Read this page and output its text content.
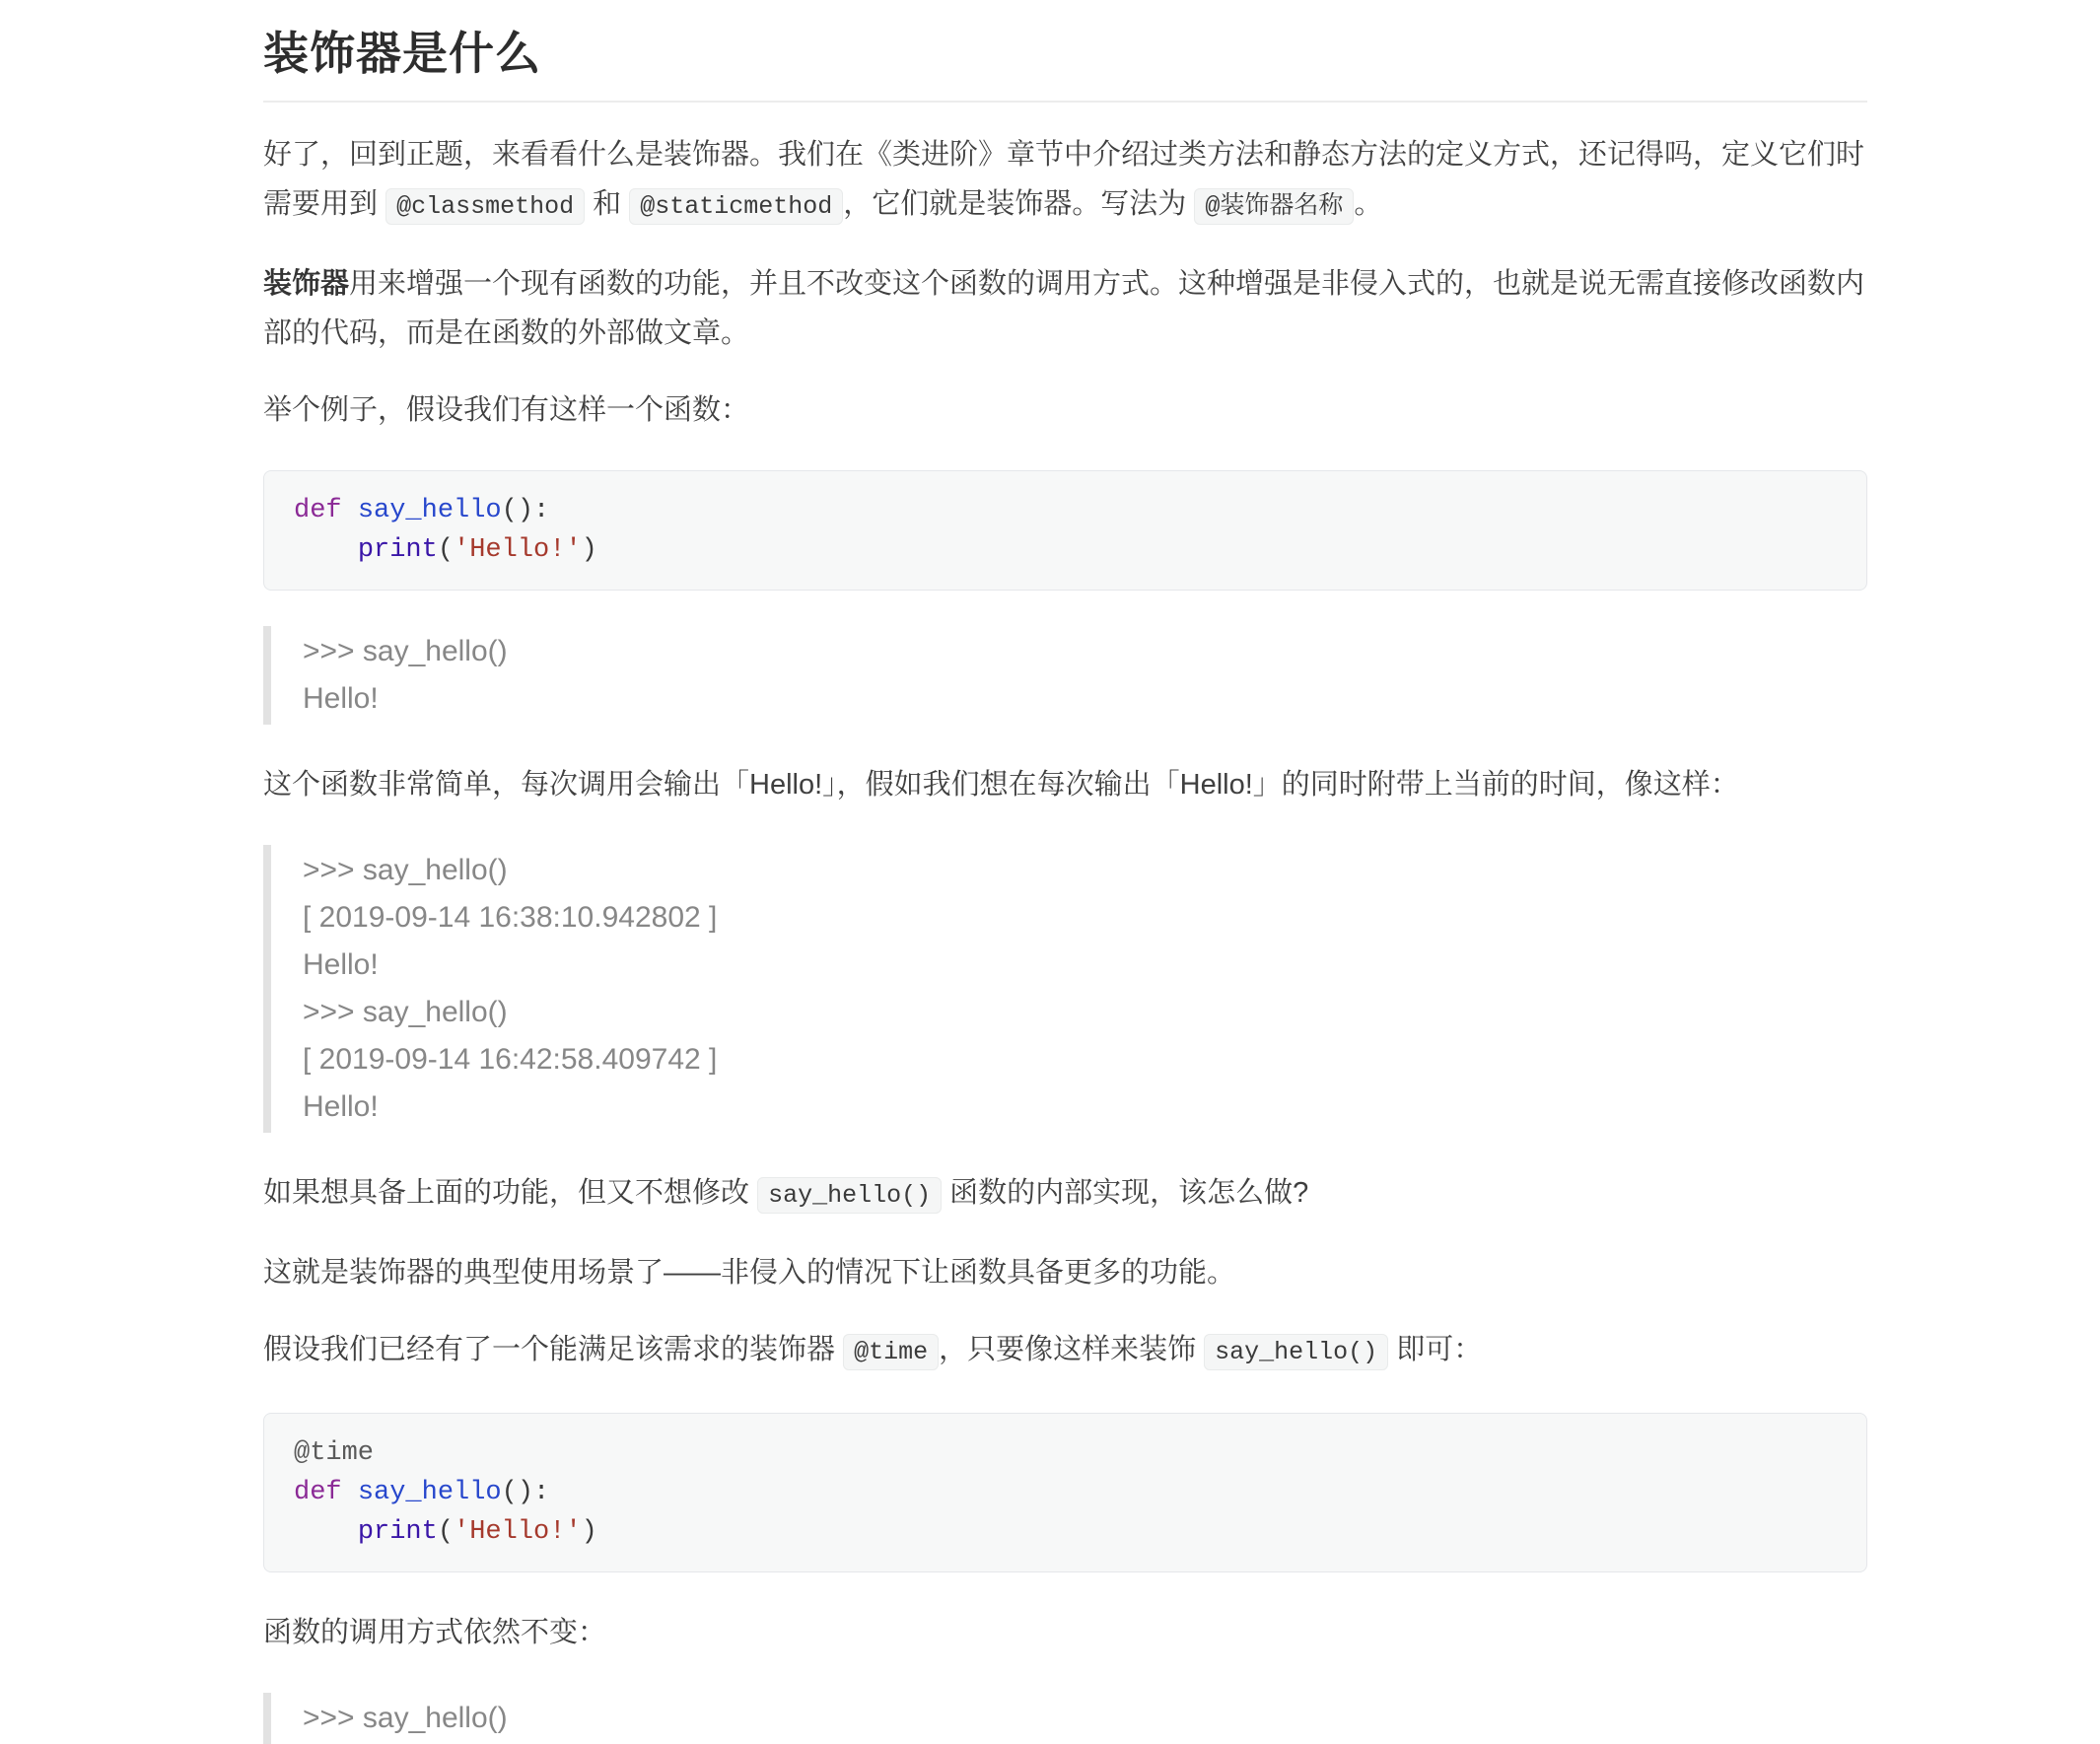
装饰器是什么

好了，回到正题，来看看什么是装饰器。我们在《类进阶》章节中介绍过类方法和静态方法的定义方式，还记得吗，定义它们时需要用到 @classmethod 和 @staticmethod ，它们就是装饰器。写法为 @装饰器名称 。

装饰器用来增强一个现有函数的功能，并且不改变这个函数的调用方式。这种增强是非侵入式的，也就是说无需直接修改函数内部的代码，而是在函数的外部做文章。

举个例子，假设我们有这样一个函数：

def say_hello():
print('Hello!')
>>> say_hello()
Hello!

这个函数非常简单，每次调用会输出「Hello!」，假如我们想在每次输出「Hello!」的同时附带上当前的时间，像这样：

>>> say_hello()
[ 2019-09-14 16:38:10.942802 ]
Hello!
>>> say_hello()
[ 2019-09-14 16:42:58.409742 ]
Hello!

如果想具备上面的功能，但又不想修改 say_hello() 函数的内部实现，该怎么做?

这就是装饰器的典型使用场景了——非侵入的情况下让函数具备更多的功能。

假设我们已经有了一个能满足该需求的装饰器 @time ，只要像这样来装饰 say_hello() 即可：

@time
def say_hello():
print('Hello!')

函数的调用方式依然不变：

>>> say_hello()
